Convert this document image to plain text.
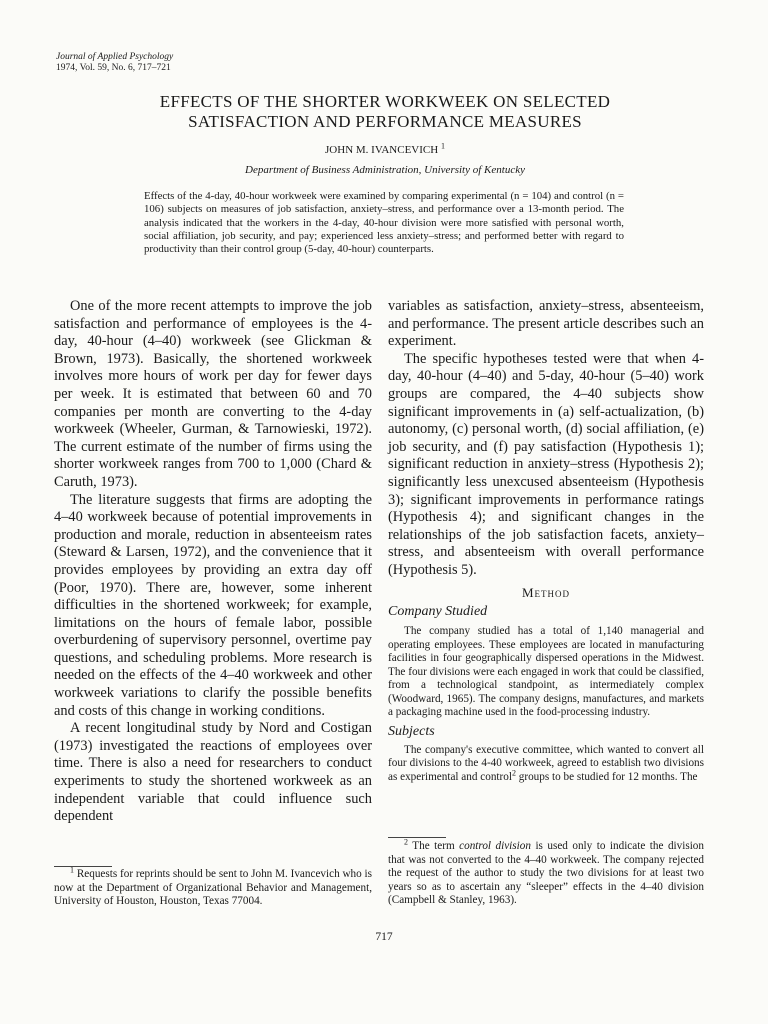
Journal of Applied Psychology
1974, Vol. 59, No. 6, 717–721
EFFECTS OF THE SHORTER WORKWEEK ON SELECTED
SATISFACTION AND PERFORMANCE MEASURES
JOHN M. IVANCEVICH $^1$
Department of Business Administration, University of Kentucky
Effects of the 4-day, 40-hour workweek were examined by comparing experimental (n = 104) and control (n = 106) subjects on measures of job satisfaction, anxiety–stress, and performance over a 13-month period. The analysis indicated that the workers in the 4-day, 40-hour division were more satisfied with personal worth, social affiliation, job security, and pay; experienced less anxiety–stress; and performed better with regard to productivity than their control group (5-day, 40-hour) counterparts.

One of the more recent attempts to improve the job satisfaction and performance of employees is the 4-day, 40-hour (4–40) workweek (see Glickman & Brown, 1973). Basically, the shortened workweek involves more hours of work per day for fewer days per week. It is estimated that between 60 and 70 companies per month are converting to the 4-day workweek (Wheeler, Gurman, & Tarnowieski, 1972). The current estimate of the number of firms using the shorter workweek ranges from 700 to 1,000 (Chard & Caruth, 1973).

The literature suggests that firms are adopting the 4–40 workweek because of potential improvements in production and morale, reduction in absenteeism rates (Steward & Larsen, 1972), and the convenience that it provides employees by providing an extra day off (Poor, 1970). There are, however, some inherent difficulties in the shortened workweek; for example, limitations on the hours of female labor, possible overburdening of supervisory personnel, overtime pay questions, and scheduling problems. More research is needed on the effects of the 4–40 workweek and other workweek variations to clarify the possible benefits and costs of this change in working conditions.

A recent longitudinal study by Nord and Costigan (1973) investigated the reactions of employees over time. There is also a need for researchers to conduct experiments to study the shortened workweek as an independent variable that could influence such dependent

$^1$ Requests for reprints should be sent to John M. Ivancevich who is now at the Department of Organizational Behavior and Management, University of Houston, Houston, Texas 77004.

variables as satisfaction, anxiety–stress, absenteeism, and performance. The present article describes such an experiment.

The specific hypotheses tested were that when 4-day, 40-hour (4–40) and 5-day, 40-hour (5–40) work groups are compared, the 4–40 subjects show significant improvements in (a) self-actualization, (b) autonomy, (c) personal worth, (d) social affiliation, (e) job security, and (f) pay satisfaction (Hypothesis 1); significant reduction in anxiety–stress (Hypothesis 2); significantly less unexcused absenteeism (Hypothesis 3); significant improvements in performance ratings (Hypothesis 4); and significant changes in the relationships of the job satisfaction facets, anxiety–stress, and absenteeism with overall performance (Hypothesis 5).

Method

Company Studied

The company studied has a total of 1,140 managerial and operating employees. These employees are located in manufacturing facilities in four geographically dispersed operations in the Midwest. The four divisions were each engaged in work that could be classified, from a technological standpoint, as intermediately complex (Woodward, 1965). The company designs, manufactures, and markets a packaging machine used in the food-processing industry.

Subjects

The company's executive committee, which wanted to convert all four divisions to the 4-40 workweek, agreed to establish two divisions as experimental and control$^2$ groups to be studied for 12 months. The

$^2$ The term control division is used only to indicate the division that was not converted to the 4–40 workweek. The company rejected the request of the author to study the two divisions for at least two years so as to ascertain any “sleeper” effects in the 4–40 division (Campbell & Stanley, 1963).

717
